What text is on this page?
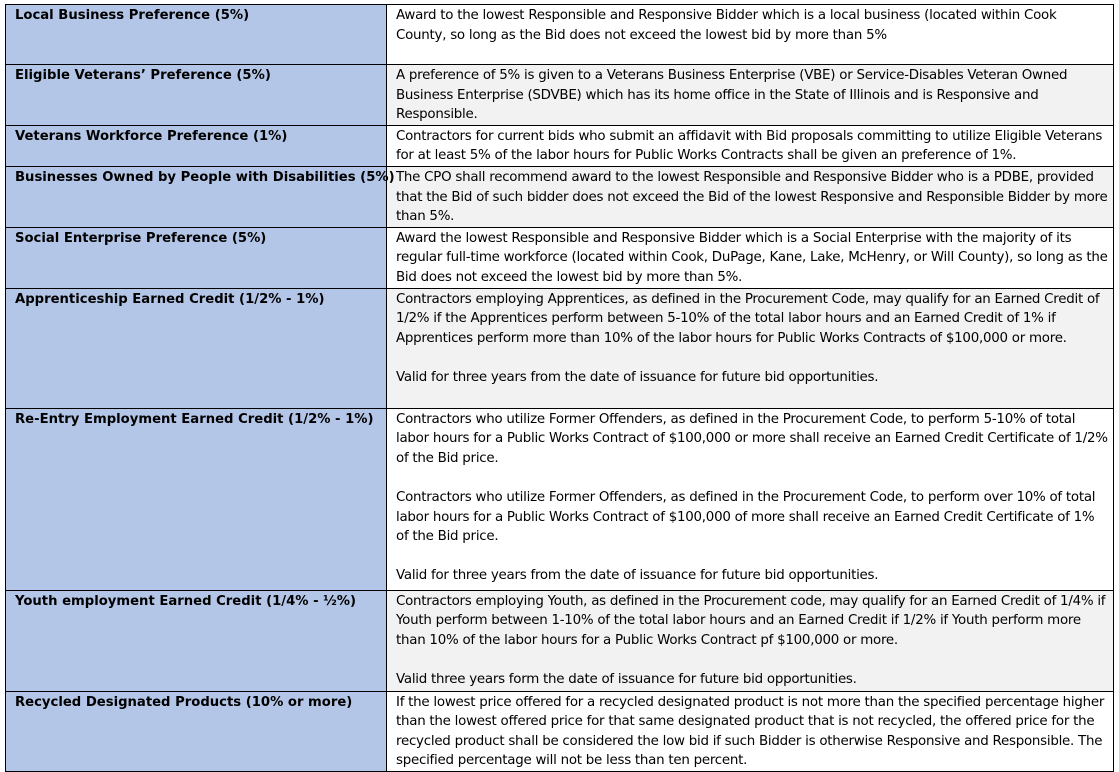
Local Business Preference (5%)	Award to the lowest Responsible and Responsive Bidder which is a local business (located within Cook County, so long as the Bid does not exceed the lowest bid by more than 5%

Eligible Veterans’ Preference (5%)	A preference of 5% is given to a Veterans Business Enterprise (VBE) or Service-Disables Veteran Owned Business Enterprise (SDVBE) which has its home office in the State of Illinois and is Responsive and Responsible.

Veterans Workforce Preference (1%)	Contractors for current bids who submit an affidavit with Bid proposals committing to utilize Eligible Veterans for at least 5% of the labor hours for Public Works Contracts shall be given an preference of 1%.

Businesses Owned by People with Disabilities (5%)	The CPO shall recommend award to the lowest Responsible and Responsive Bidder who is a PDBE, provided that the Bid of such bidder does not exceed the Bid of the lowest Responsive and Responsible Bidder by more than 5%.

Social Enterprise Preference (5%)	Award the lowest Responsible and Responsive Bidder which is a Social Enterprise with the majority of its regular full-time workforce (located within Cook, DuPage, Kane, Lake, McHenry, or Will County), so long as the Bid does not exceed the lowest bid by more than 5%.

Apprenticeship Earned Credit (1/2% - 1%)	Contractors employing Apprentices, as defined in the Procurement Code, may qualify for an Earned Credit of 1/2% if the Apprentices perform between 5-10% of the total labor hours and an Earned Credit of 1% if Apprentices perform more than 10% of the labor hours for Public Works Contracts of $100,000 or more.
Valid for three years from the date of issuance for future bid opportunities.

Re-Entry Employment Earned Credit (1/2% - 1%)	Contractors who utilize Former Offenders, as defined in the Procurement Code, to perform 5-10% of total labor hours for a Public Works Contract of $100,000 or more shall receive an Earned Credit Certificate of 1/2% of the Bid price.
Contractors who utilize Former Offenders, as defined in the Procurement Code, to perform over 10% of total labor hours for a Public Works Contract of $100,000 of more shall receive an Earned Credit Certificate of 1% of the Bid price.
Valid for three years from the date of issuance for future bid opportunities.

Youth employment Earned Credit (1/4% - ½%)	Contractors employing Youth, as defined in the Procurement code, may qualify for an Earned Credit of 1/4% if Youth perform between 1-10% of the total labor hours and an Earned Credit if 1/2% if Youth perform more than 10% of the labor hours for a Public Works Contract pf $100,000 or more.
Valid three years form the date of issuance for future bid opportunities.

Recycled Designated Products (10% or more)	If the lowest price offered for a recycled designated product is not more than the specified percentage higher than the lowest offered price for that same designated product that is not recycled, the offered price for the recycled product shall be considered the low bid if such Bidder is otherwise Responsive and Responsible. The specified percentage will not be less than ten percent.
